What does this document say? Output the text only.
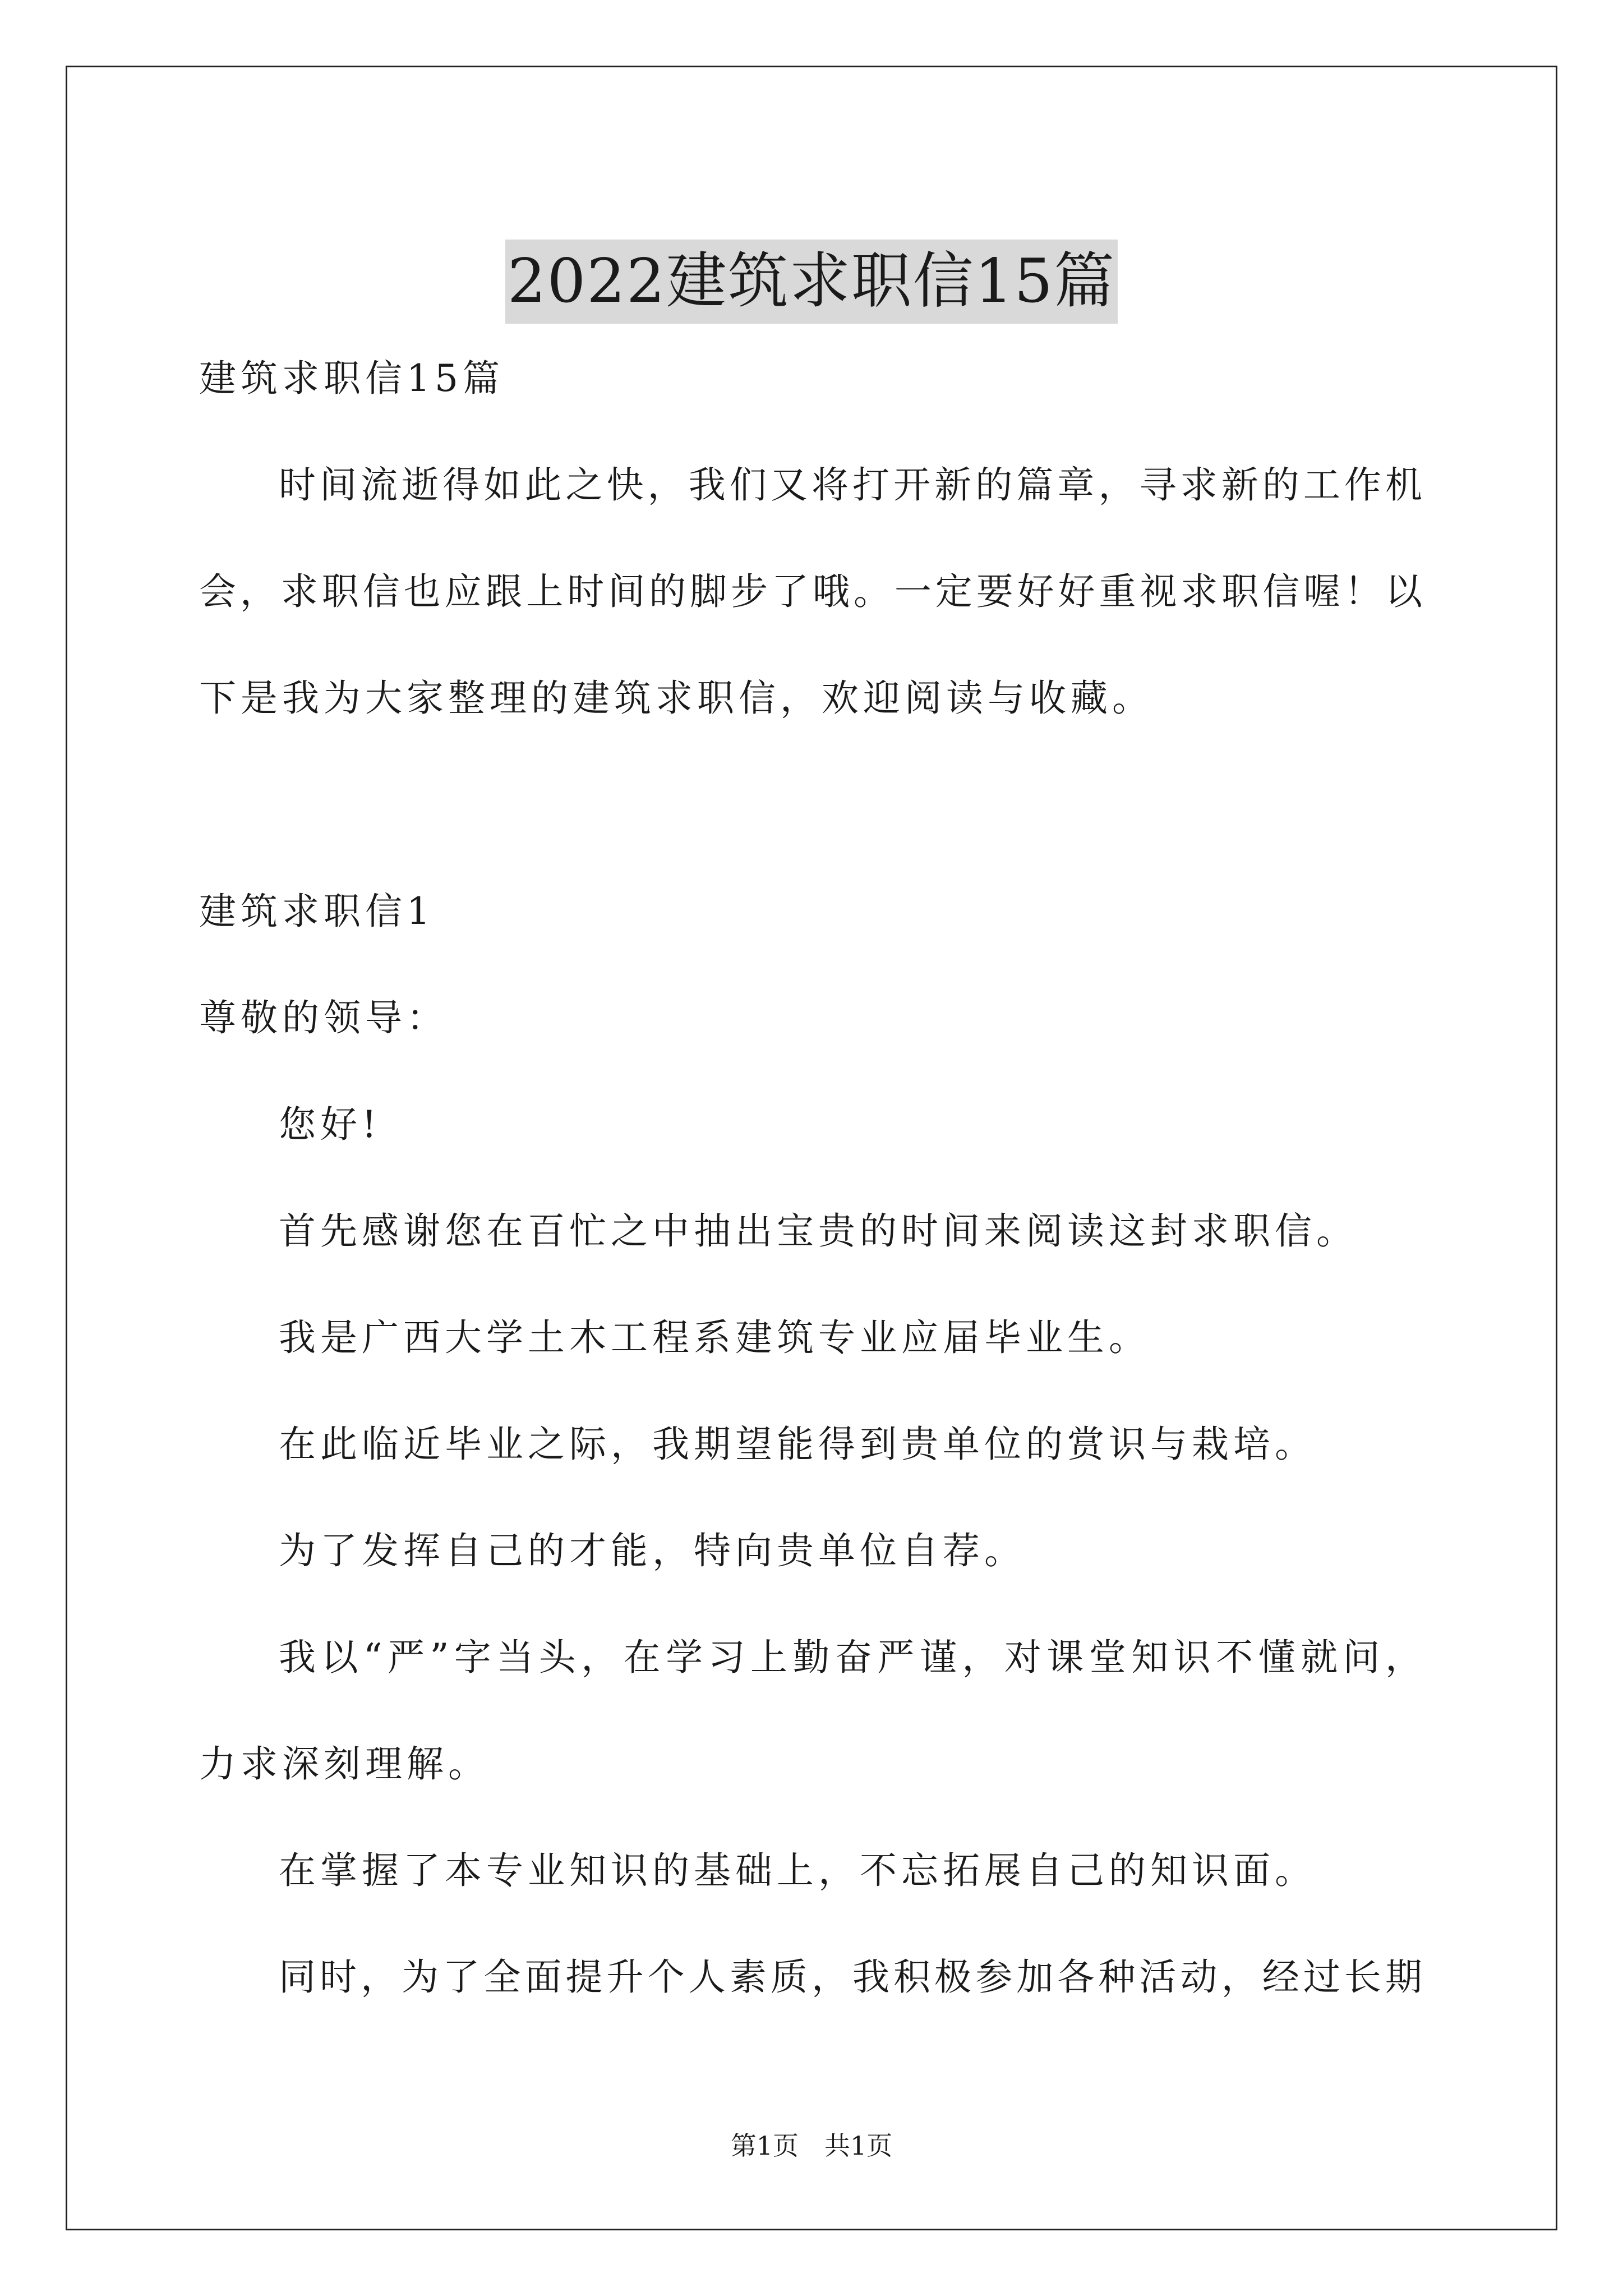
2022建筑求职信15篇
建筑求职信15篇
时间流逝得如此之快，我们又将打开新的篇章，寻求新的工作机
会，求职信也应跟上时间的脚步了哦。一定要好好重视求职信喔！以
下是我为大家整理的建筑求职信，欢迎阅读与收藏。
建筑求职信1
尊敬的领导：
您好!
首先感谢您在百忙之中抽出宝贵的时间来阅读这封求职信。
我是广西大学土木工程系建筑专业应届毕业生。
在此临近毕业之际，我期望能得到贵单位的赏识与栽培。
为了发挥自己的才能，特向贵单位自荐。
我以“严”字当头，在学习上勤奋严谨，对课堂知识不懂就问，
力求深刻理解。
在掌握了本专业知识的基础上，不忘拓展自己的知识面。
同时，为了全面提升个人素质，我积极参加各种活动，经过长期
第1页　共1页
